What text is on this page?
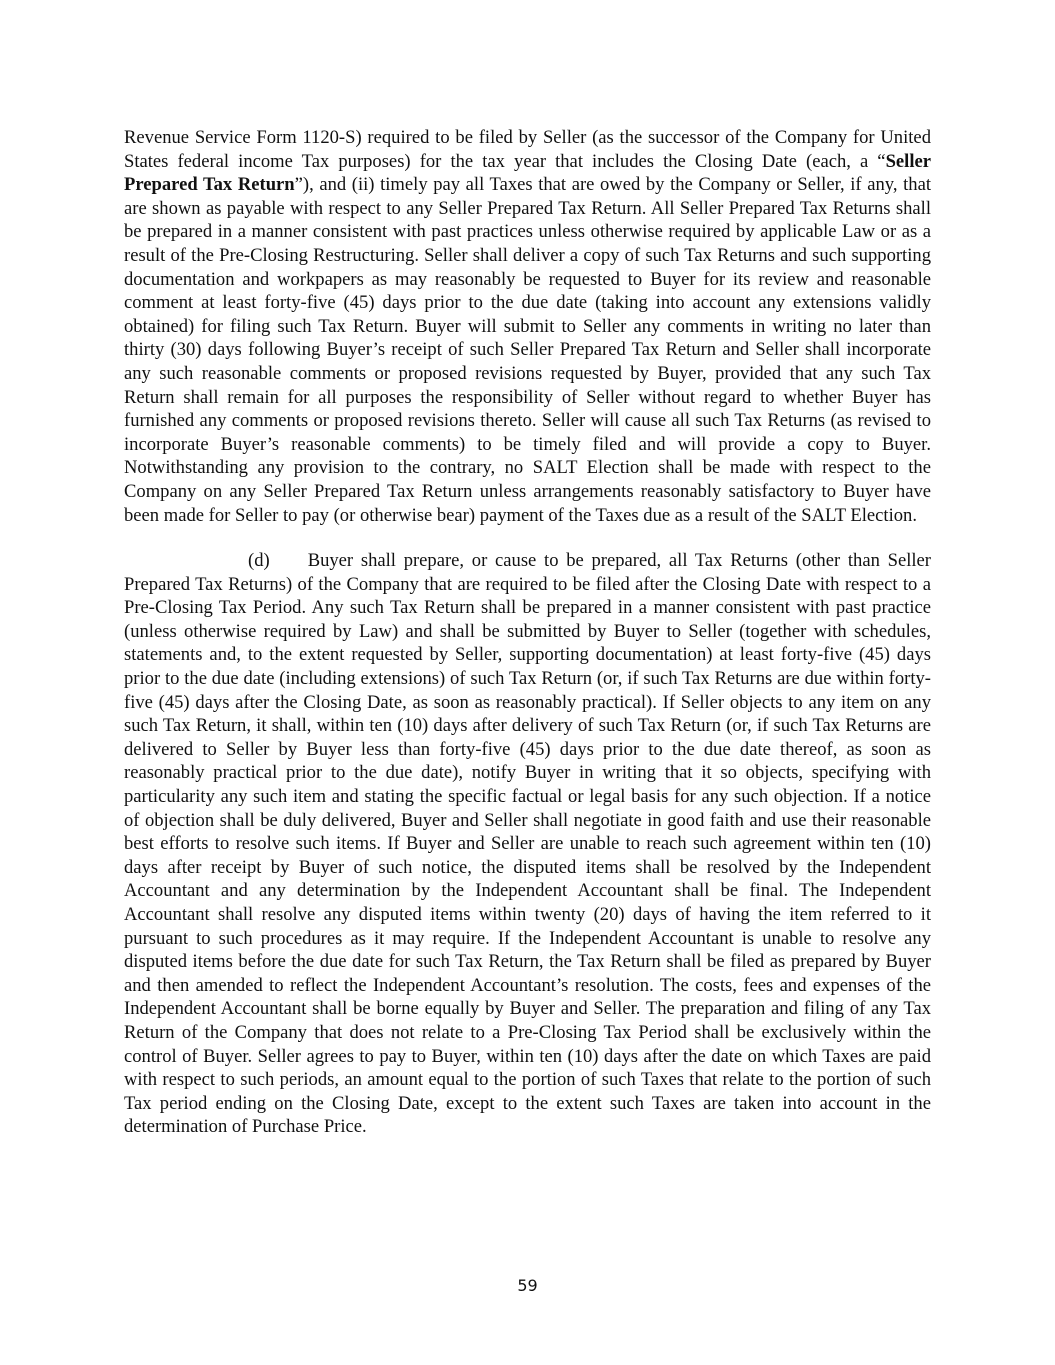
Revenue Service Form 1120-S) required to be filed by Seller (as the successor of the Company for United States federal income Tax purposes) for the tax year that includes the Closing Date (each, a “Seller Prepared Tax Return”), and (ii) timely pay all Taxes that are owed by the Company or Seller, if any, that are shown as payable with respect to any Seller Prepared Tax Return. All Seller Prepared Tax Returns shall be prepared in a manner consistent with past practices unless otherwise required by applicable Law or as a result of the Pre-Closing Restructuring. Seller shall deliver a copy of such Tax Returns and such supporting documentation and workpapers as may reasonably be requested to Buyer for its review and reasonable comment at least forty-five (45) days prior to the due date (taking into account any extensions validly obtained) for filing such Tax Return. Buyer will submit to Seller any comments in writing no later than thirty (30) days following Buyer’s receipt of such Seller Prepared Tax Return and Seller shall incorporate any such reasonable comments or proposed revisions requested by Buyer, provided that any such Tax Return shall remain for all purposes the responsibility of Seller without regard to whether Buyer has furnished any comments or proposed revisions thereto. Seller will cause all such Tax Returns (as revised to incorporate Buyer’s reasonable comments) to be timely filed and will provide a copy to Buyer. Notwithstanding any provision to the contrary, no SALT Election shall be made with respect to the Company on any Seller Prepared Tax Return unless arrangements reasonably satisfactory to Buyer have been made for Seller to pay (or otherwise bear) payment of the Taxes due as a result of the SALT Election.

(d) Buyer shall prepare, or cause to be prepared, all Tax Returns (other than Seller Prepared Tax Returns) of the Company that are required to be filed after the Closing Date with respect to a Pre-Closing Tax Period. Any such Tax Return shall be prepared in a manner consistent with past practice (unless otherwise required by Law) and shall be submitted by Buyer to Seller (together with schedules, statements and, to the extent requested by Seller, supporting documentation) at least forty-five (45) days prior to the due date (including extensions) of such Tax Return (or, if such Tax Returns are due within forty-five (45) days after the Closing Date, as soon as reasonably practical). If Seller objects to any item on any such Tax Return, it shall, within ten (10) days after delivery of such Tax Return (or, if such Tax Returns are delivered to Seller by Buyer less than forty-five (45) days prior to the due date thereof, as soon as reasonably practical prior to the due date), notify Buyer in writing that it so objects, specifying with particularity any such item and stating the specific factual or legal basis for any such objection. If a notice of objection shall be duly delivered, Buyer and Seller shall negotiate in good faith and use their reasonable best efforts to resolve such items. If Buyer and Seller are unable to reach such agreement within ten (10) days after receipt by Buyer of such notice, the disputed items shall be resolved by the Independent Accountant and any determination by the Independent Accountant shall be final. The Independent Accountant shall resolve any disputed items within twenty (20) days of having the item referred to it pursuant to such procedures as it may require. If the Independent Accountant is unable to resolve any disputed items before the due date for such Tax Return, the Tax Return shall be filed as prepared by Buyer and then amended to reflect the Independent Accountant’s resolution. The costs, fees and expenses of the Independent Accountant shall be borne equally by Buyer and Seller. The preparation and filing of any Tax Return of the Company that does not relate to a Pre-Closing Tax Period shall be exclusively within the control of Buyer. Seller agrees to pay to Buyer, within ten (10) days after the date on which Taxes are paid with respect to such periods, an amount equal to the portion of such Taxes that relate to the portion of such Tax period ending on the Closing Date, except to the extent such Taxes are taken into account in the determination of Purchase Price.

59
